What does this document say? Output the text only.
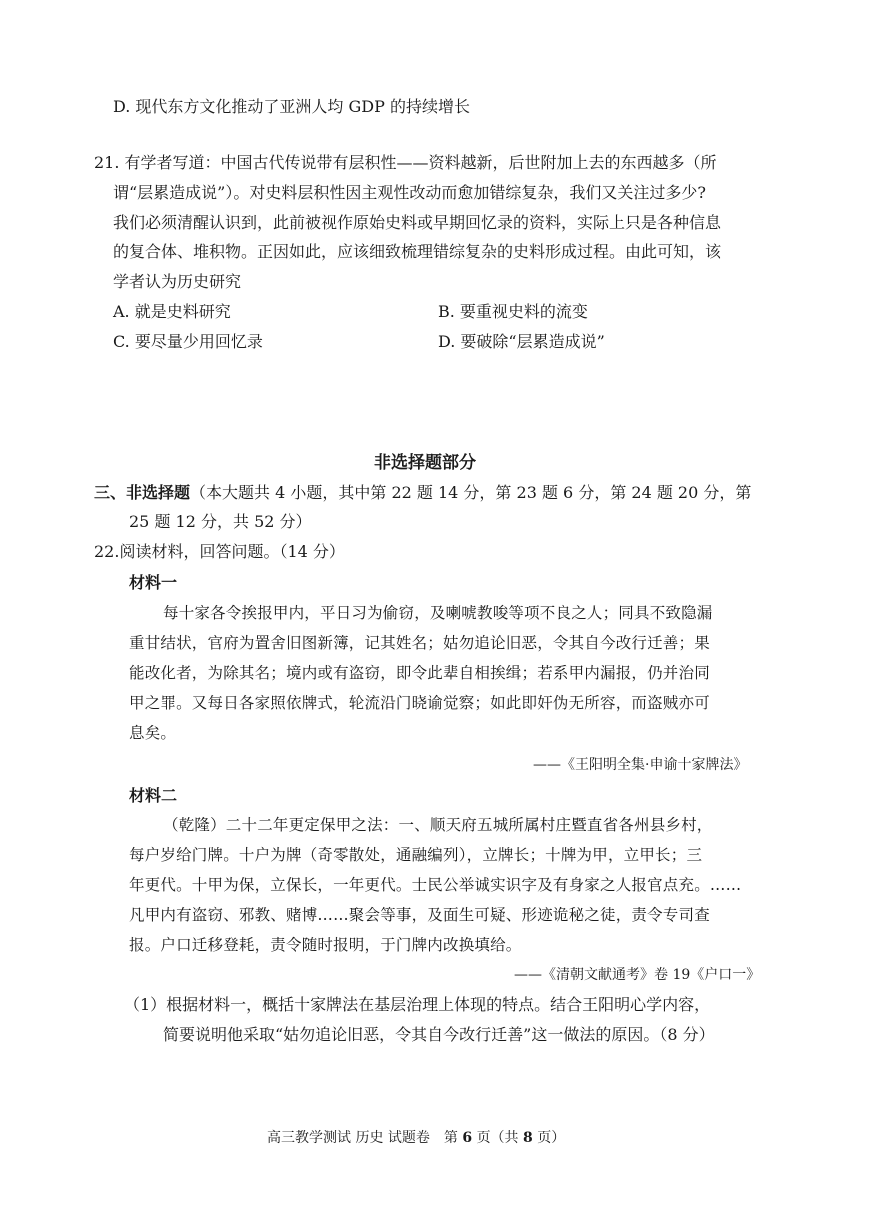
D. 现代东方文化推动了亚洲人均 GDP 的持续增长
21. 有学者写道：中国古代传说带有层积性——资料越新，后世附加上去的东西越多（所
谓“层累造成说”）。对史料层积性因主观性改动而愈加错综复杂，我们又关注过多少?
我们必须清醒认识到，此前被视作原始史料或早期回忆录的资料，实际上只是各种信息
的复合体、堆积物。正因如此，应该细致梳理错综复杂的史料形成过程。由此可知，该
学者认为历史研究
A. 就是史料研究	B. 要重视史料的流变
C. 要尽量少用回忆录	D. 要破除“层累造成说”
非选择题部分
三、非选择题（本大题共 4 小题，其中第 22 题 14 分，第 23 题 6 分，第 24 题 20 分，第
25 题 12 分，共 52 分）
22.阅读材料，回答问题。（14 分）
材料一
每十家各令挨报甲内，平日习为偷窃，及喇唬教唆等项不良之人；同具不致隐漏
重甘结状，官府为置舍旧图新簿，记其姓名；姑勿追论旧恶，令其自今改行迁善；果
能改化者，为除其名；境内或有盗窃，即令此辈自相挨缉；若系甲内漏报，仍并治同
甲之罪。又每日各家照依牌式，轮流沿门晓谕觉察；如此即奸伪无所容，而盗贼亦可
息矣。
——《王阳明全集·申谕十家牌法》
材料二
（乾隆）二十二年更定保甲之法：一、顺天府五城所属村庄暨直省各州县乡村，
每户岁给门牌。十户为牌（奇零散处，通融编列），立牌长；十牌为甲，立甲长；三
年更代。十甲为保，立保长，一年更代。士民公举诚实识字及有身家之人报官点充。……
凡甲内有盗窃、邪教、赌博……聚会等事，及面生可疑、形迹诡秘之徒，责令专司查
报。户口迁移登耗，责令随时报明，于门牌内改换填给。
——《清朝文献通考》卷 19《户口一》
（1）根据材料一，概括十家牌法在基层治理上体现的特点。结合王阳明心学内容，
简要说明他采取“姑勿追论旧恶，令其自今改行迁善”这一做法的原因。（8 分）
高三教学测试 历史 试题卷　第 6 页（共 8 页）
